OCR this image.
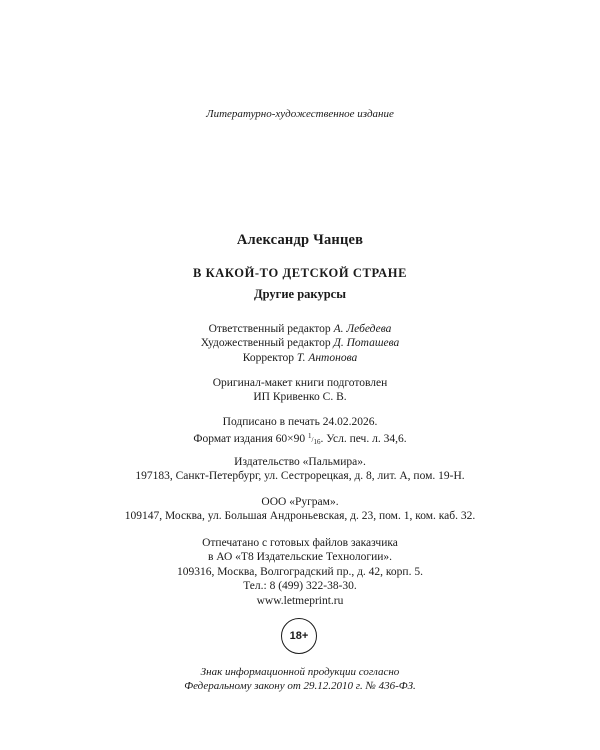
Литературно-художественное издание
Александр Чанцев
В КАКОЙ-ТО ДЕТСКОЙ СТРАНЕ
Другие ракурсы
Ответственный редактор А. Лебедева
Художественный редактор Д. Поташева
Корректор Т. Антонова
Оригинал-макет книги подготовлен
ИП Кривенко С. В.
Подписано в печать 24.02.2026.
Формат издания 60×90 $^1/_{16}$. Усл. печ. л. 34,6.
Издательство «Пальмира».
197183, Санкт-Петербург, ул. Сестрорецкая, д. 8, лит. А, пом. 19-Н.
ООО «Руграм».
109147, Москва, ул. Большая Андроньевская, д. 23, пом. 1, ком. каб. 32.
Отпечатано с готовых файлов заказчика
в АО «Т8 Издательские Технологии».
109316, Москва, Волгоградский пр., д. 42, корп. 5.
Тел.: 8 (499) 322-38-30.
www.letmeprint.ru
18+
Знак информационной продукции согласно
Федеральному закону от 29.12.2010 г. № 436-ФЗ.
